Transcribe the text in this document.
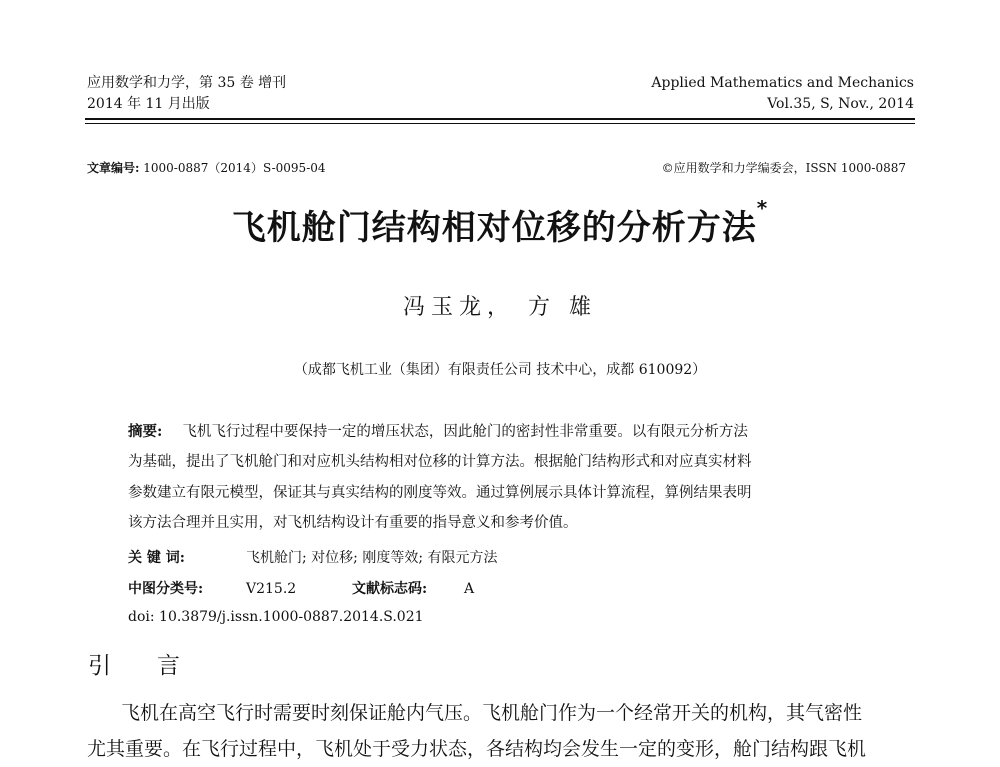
应用数学和力学，第 35 卷 增刊
2014 年 11 月出版
Applied Mathematics and Mechanics
Vol.35, S, Nov., 2014
文章编号: 1000-0887（2014）S-0095-04	©应用数学和力学编委会，ISSN 1000-0887
飞机舱门结构相对位移的分析方法*
冯玉龙， 方 雄
（成都飞机工业（集团）有限责任公司 技术中心，成都 610092）
摘要: 飞机飞行过程中要保持一定的增压状态，因此舱门的密封性非常重要。以有限元分析方法
为基础，提出了飞机舱门和对应机头结构相对位移的计算方法。根据舱门结构形式和对应真实材料
参数建立有限元模型，保证其与真实结构的刚度等效。通过算例展示具体计算流程，算例结果表明
该方法合理并且实用，对飞机结构设计有重要的指导意义和参考价值。
关 键 词:	飞机舱门; 对位移; 刚度等效; 有限元方法
中图分类号:	V215.2	文献标志码:	A
doi: 10.3879/j.issn.1000-0887.2014.S.021
引言
飞机在高空飞行时需要时刻保证舱内气压。飞机舱门作为一个经常开关的机构，其气密性
尤其重要。在飞行过程中，飞机处于受力状态，各结构均会发生一定的变形，舱门结构跟飞机
